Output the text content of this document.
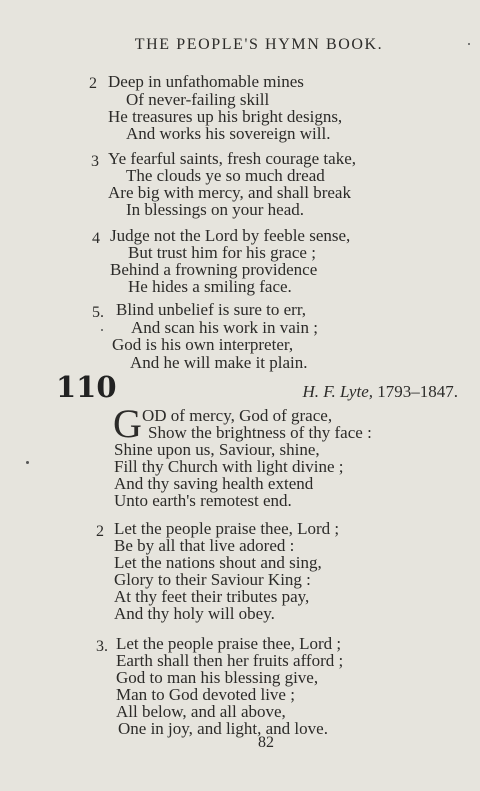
THE PEOPLE'S HYMN BOOK.
2 Deep in unfathomable mines
Of never-failing skill
He treasures up his bright designs,
And works his sovereign will.
3 Ye fearful saints, fresh courage take,
The clouds ye so much dread
Are big with mercy, and shall break
In blessings on your head.
4 Judge not the Lord by feeble sense,
But trust him for his grace ;
Behind a frowning providence
He hides a smiling face.
5. Blind unbelief is sure to err,
And scan his work in vain ;
God is his own interpreter,
And he will make it plain.
110	H. F. Lyte, 1793–1847.
G OD of mercy, God of grace,
Show the brightness of thy face :
Shine upon us, Saviour, shine,
Fill thy Church with light divine ;
And thy saving health extend
Unto earth's remotest end.
2 Let the people praise thee, Lord ;
Be by all that live adored :
Let the nations shout and sing,
Glory to their Saviour King :
At thy feet their tributes pay,
And thy holy will obey.
3. Let the people praise thee, Lord ;
Earth shall then her fruits afford ;
God to man his blessing give,
Man to God devoted live ;
All below, and all above,
One in joy, and light, and love.
82
